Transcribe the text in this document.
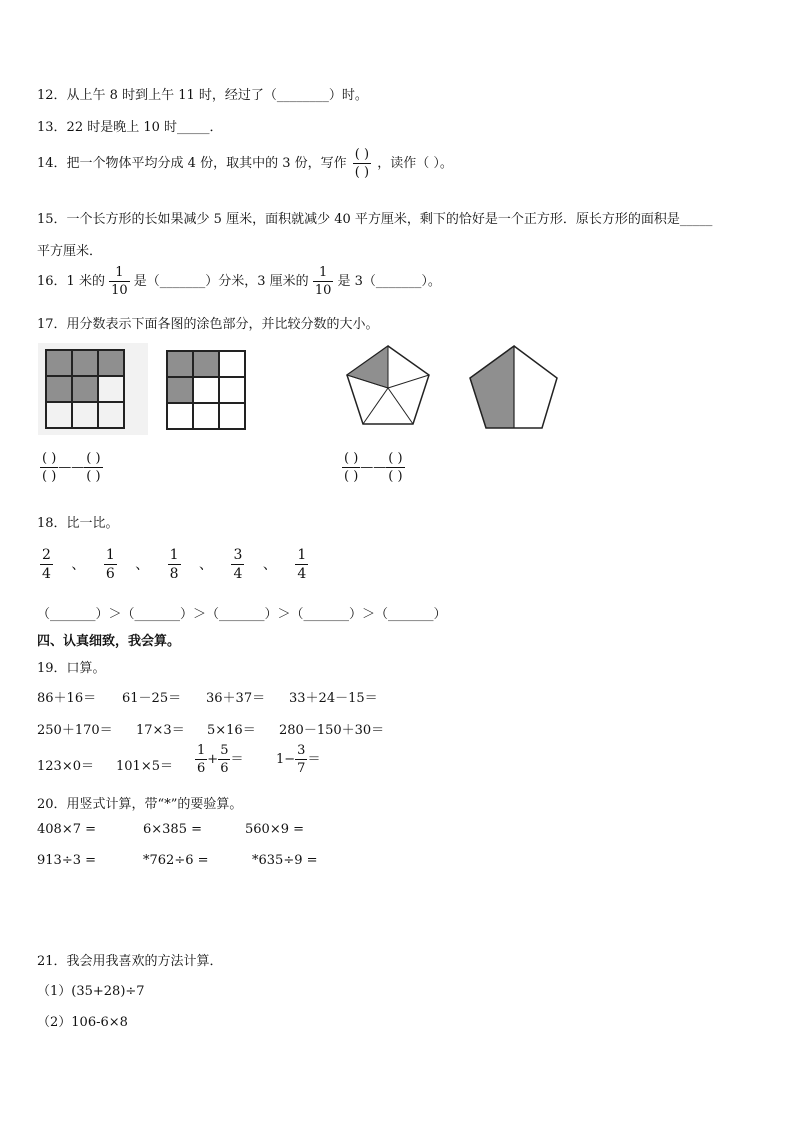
12．从上午 8 时到上午 11 时，经过了（________）时。
13．22 时是晚上 10 时_____．
14．把一个物体平均分成 4 份，取其中的 3 份，写作 $\frac{( )}{( )}$ ，读作（ ）。
15．一个长方形的长如果减少 5 厘米，面积就减少 40 平方厘米，剩下的恰好是一个正方形．原长方形的面积是_____
平方厘米．
16．1 米的 $\frac{1}{10}$ 是（_______）分米，3 厘米的 $\frac{1}{10}$ 是 3（_______）。
17．用分数表示下面各图的涂色部分，并比较分数的大小。
$\frac{( )}{( )}$ —— $\frac{( )}{( )}$	$\frac{( )}{( )}$ —— $\frac{( )}{( )}$
18．比一比。
$\frac{2}{4}$ 、 $\frac{1}{6}$ 、 $\frac{1}{8}$ 、 $\frac{3}{4}$ 、 $\frac{1}{4}$
（_______）＞（_______）＞（_______）＞（_______）＞（_______）
四、认真细致，我会算。
19．口算。
86＋16＝ 61－25＝ 36＋37＝ 33＋24－15＝
250＋170＝ 17×3＝ 5×16＝ 280－150＋30＝
$123\times 0= 101\times 5= \frac{1}{6} + \frac{5}{6}$ ＝	$1- \frac{3}{7}$ ＝
20．用竖式计算，带“*”的要验算。
408×7 =	6×385 =	560×9 =
913÷3 =	*762÷6 =	*635÷9 =
21．我会用我喜欢的方法计算．
（1）(35+28)÷7
（2）106-6×8
